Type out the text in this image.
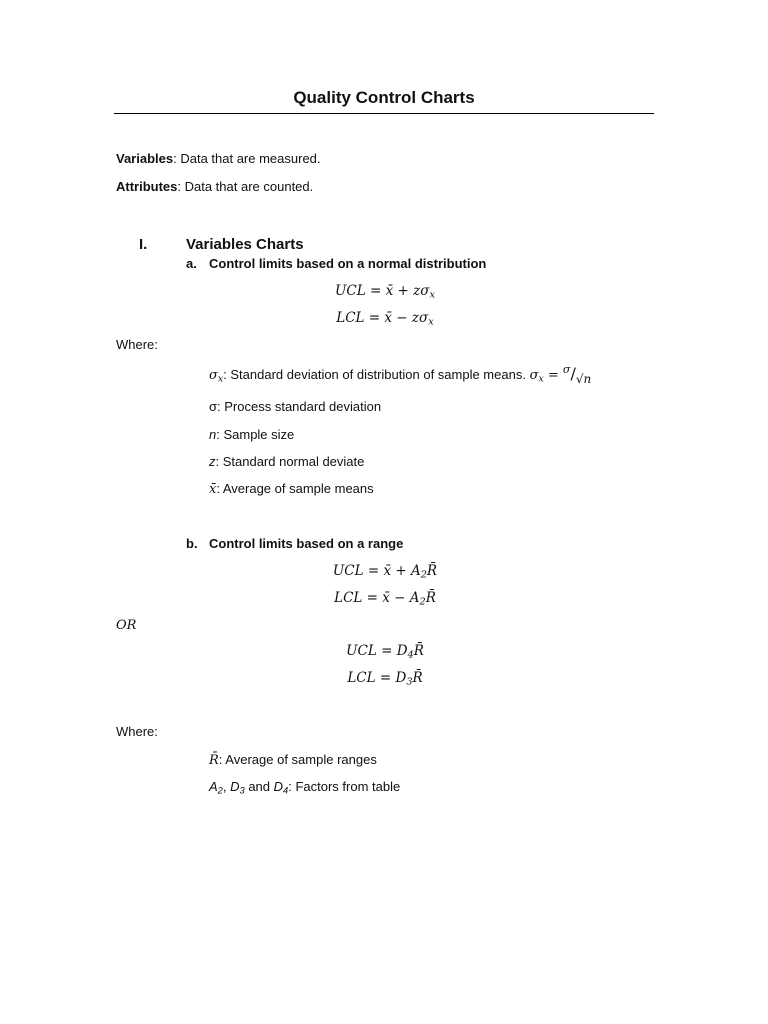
Quality Control Charts
Variables: Data that are measured.
Attributes: Data that are counted.
I.	Variables Charts
a. Control limits based on a normal distribution
UCL = x̄ + $z\sigma_x$
LCL = x̄ − $z\sigma_x$
Where:
$\sigma_x$: Standard deviation of distribution of sample means. $\sigma_x = ^\sigma/√n$
σ: Process standard deviation
n: Sample size
z: Standard normal deviate
x̄: Average of sample means
b. Control limits based on a range
UCL = x̄ + $A_2R̄$
LCL = x̄ − $A_2R̄$
OR
UCL = $D_4R̄$
LCL = $D_3R̄$
Where:
R̄: Average of sample ranges
$A_2$, $D_3$ and $D_4$: Factors from table
